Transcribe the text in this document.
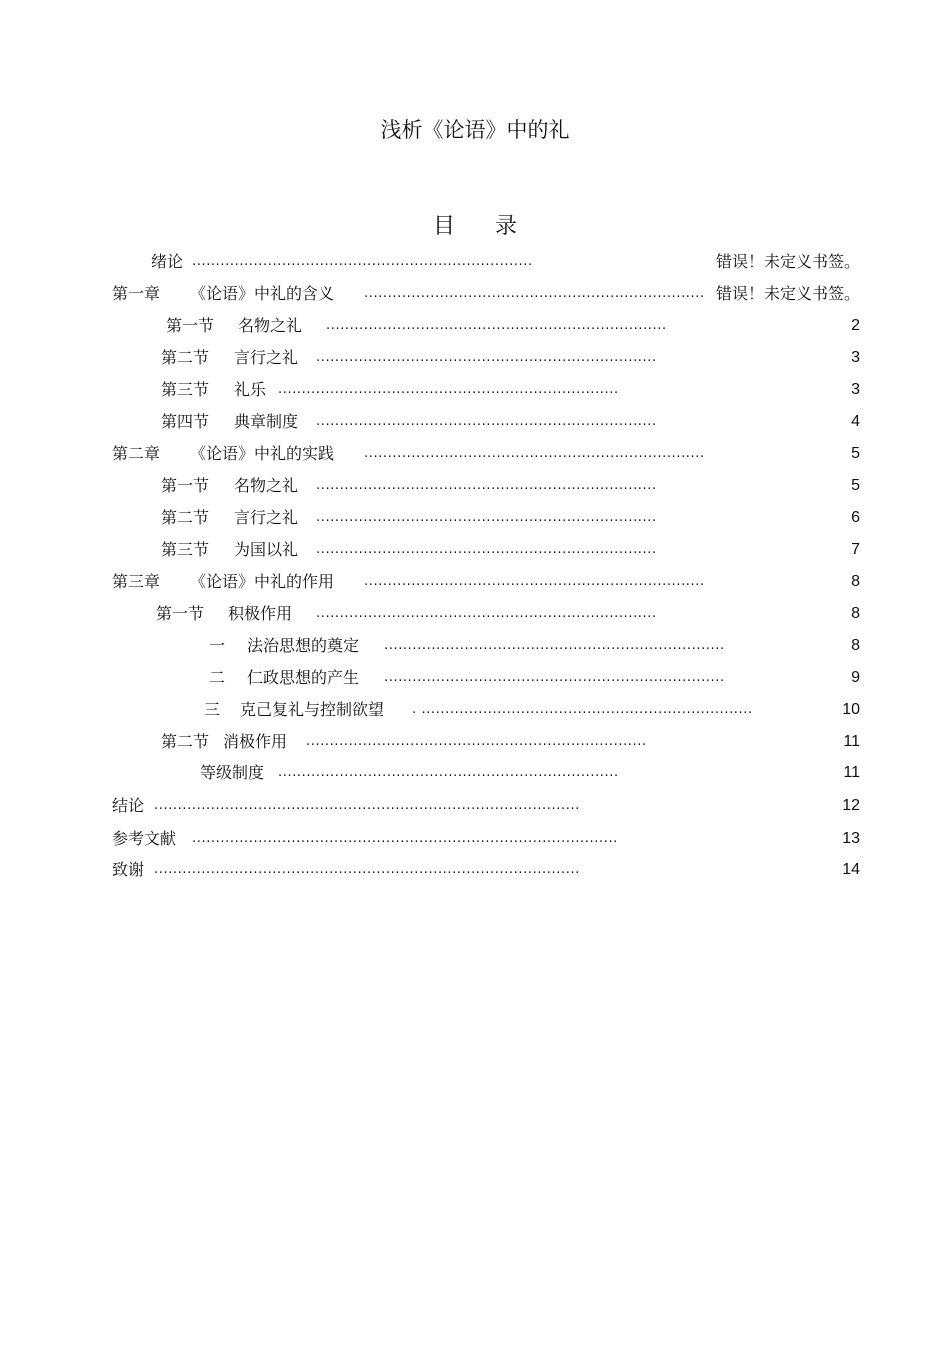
浅析《论语》中的礼
目 录
绪论 ........................................................................	错误！未定义书签。
第一章 《论语》中礼的含义 ........................................................................ 错误！未定义书签。
第一节 名物之礼 ........................................................................	2
第二节 言行之礼 ........................................................................	3
第三节 礼乐 ........................................................................	3
第四节 典章制度 ........................................................................	4
第二章 《论语》中礼的实践 ........................................................................	5
第一节 名物之礼 ........................................................................	5
第二节 言行之礼 ........................................................................	6
第三节 为国以礼 ........................................................................	7
第三章 《论语》中礼的作用 ........................................................................	8
第一节 积极作用 ........................................................................	8
一 法治思想的奠定 ........................................................................	8
二 仁政思想的产生 ........................................................................	9
三 克己复礼与控制欲望 . ......................................................................	10
第二节 消极作用 ........................................................................	11
等级制度 ........................................................................	11
结论 ..........................................................................................	12
参考文献 ..........................................................................................	13
致谢 ..........................................................................................	14
